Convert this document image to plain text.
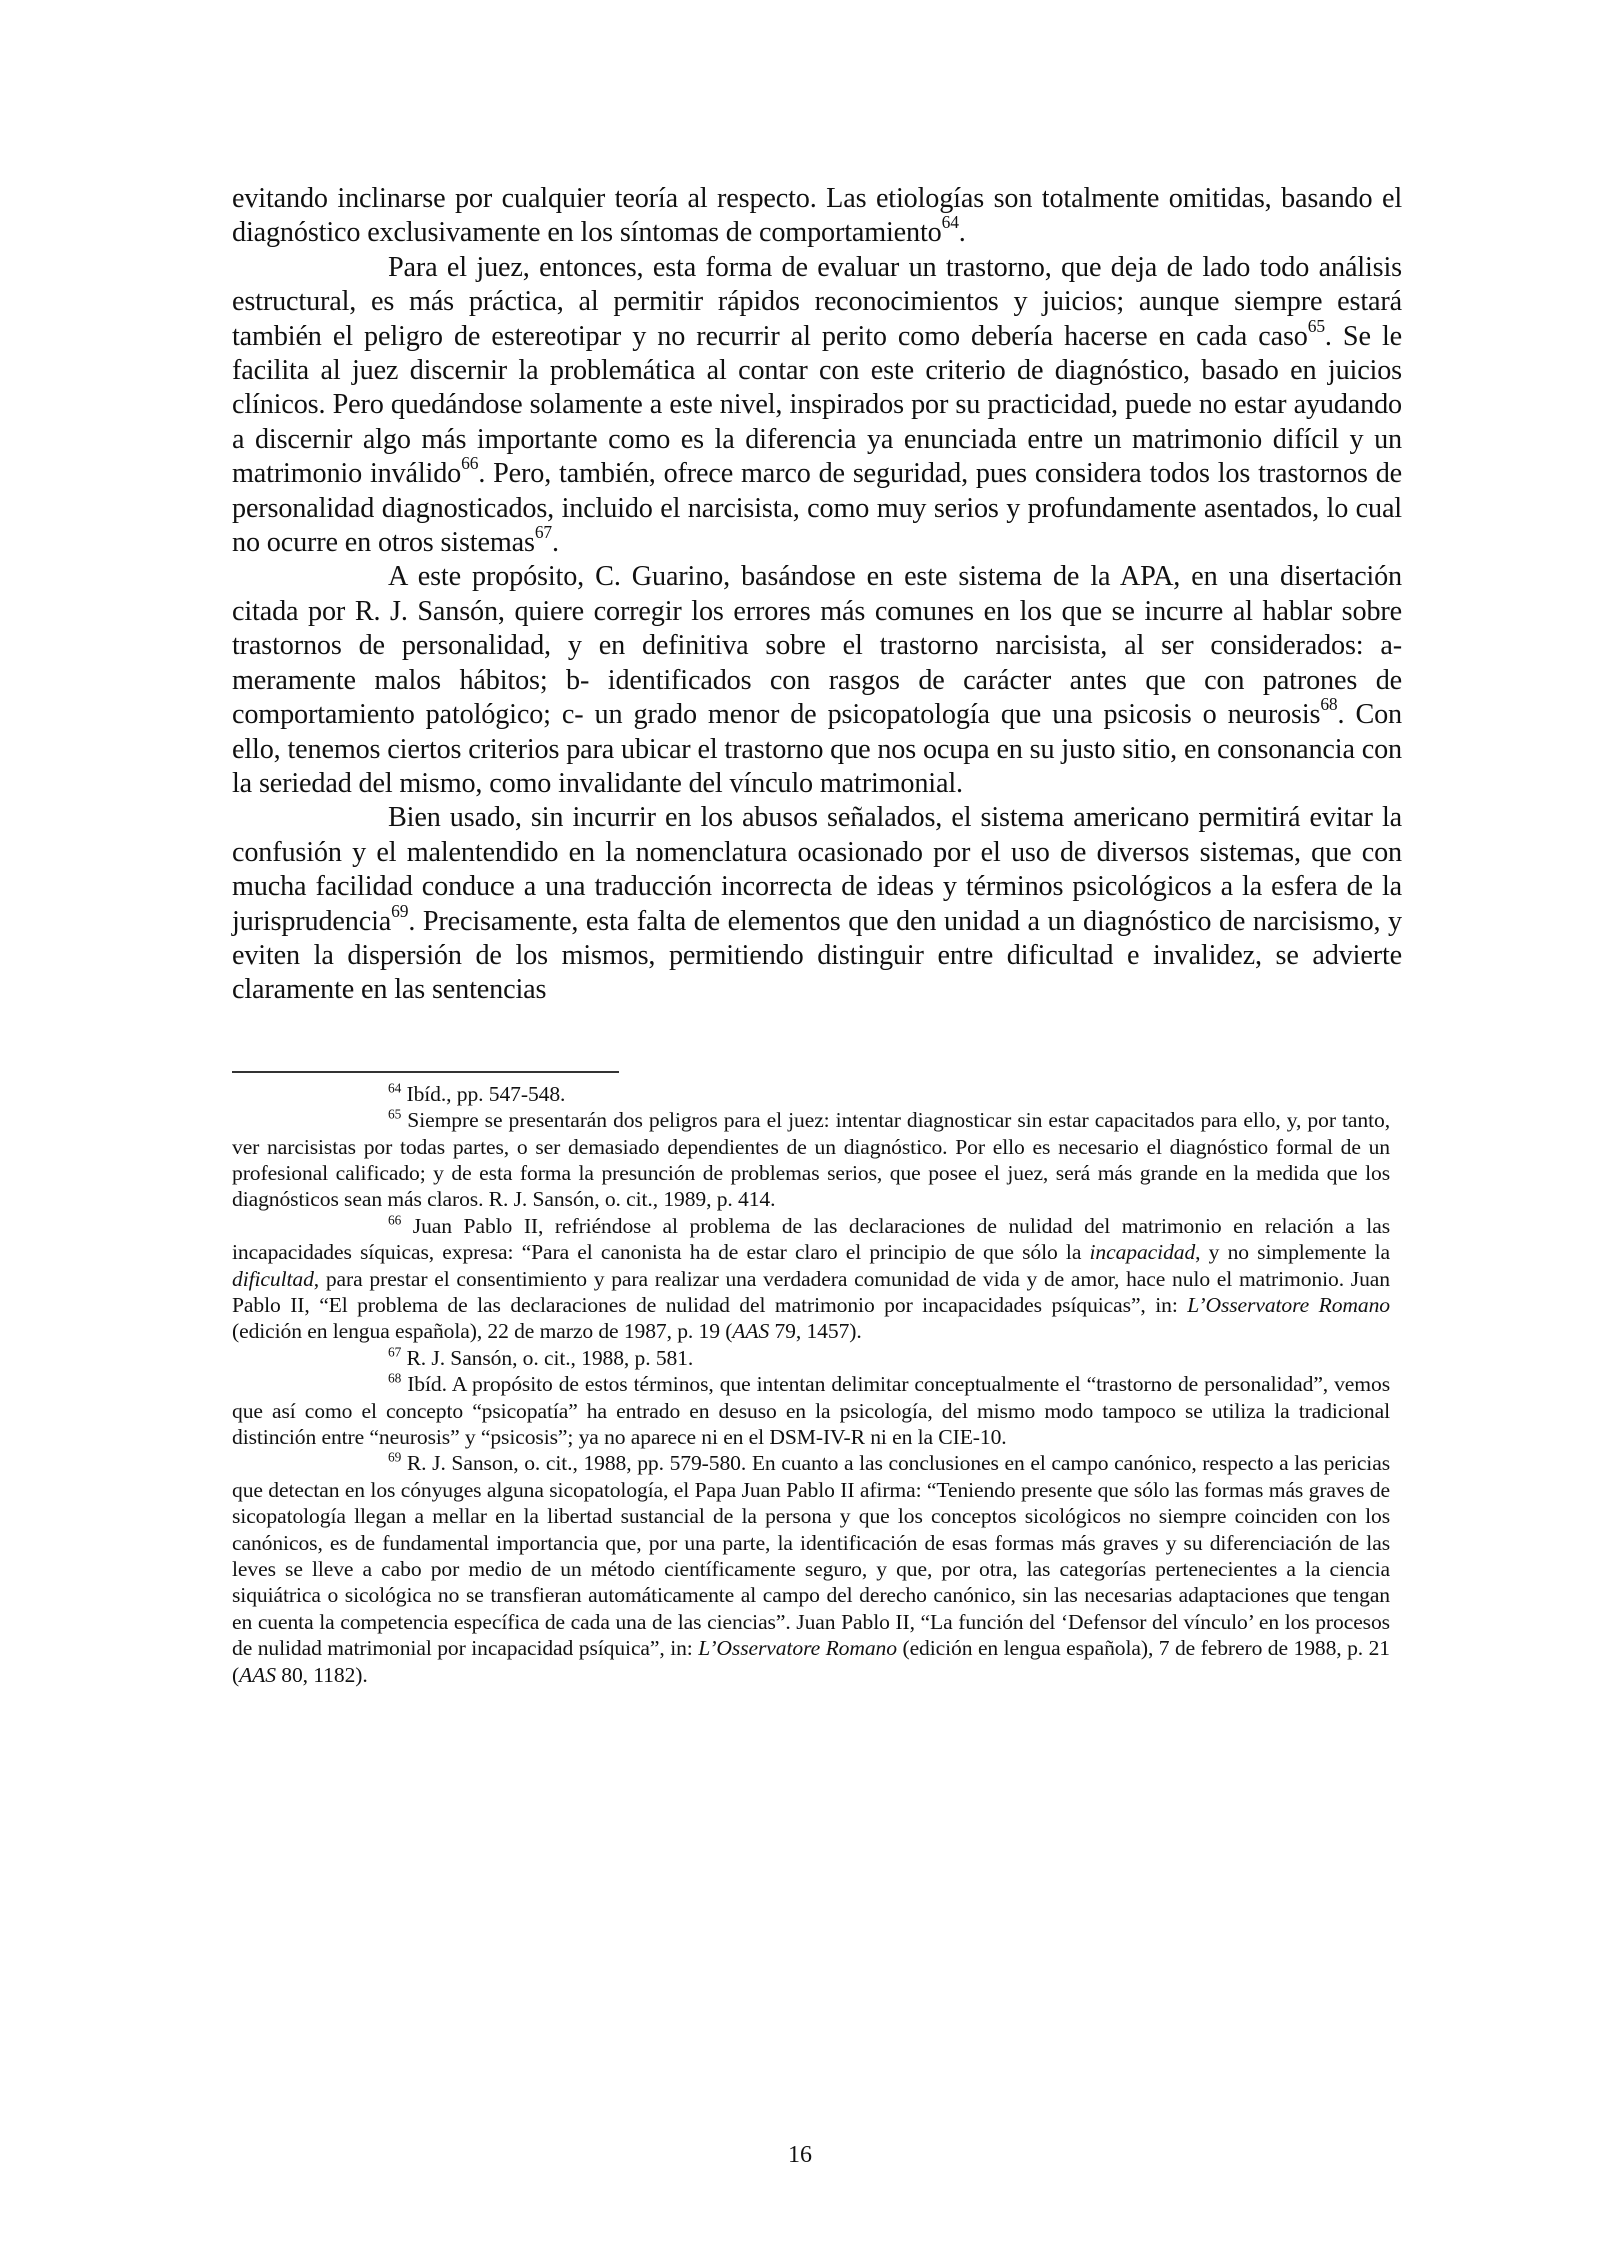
evitando inclinarse por cualquier teoría al respecto. Las etiologías son totalmente omitidas, basando el diagnóstico exclusivamente en los síntomas de comportamiento$^{64}$.

Para el juez, entonces, esta forma de evaluar un trastorno, que deja de lado todo análisis estructural, es más práctica, al permitir rápidos reconocimientos y juicios; aunque siempre estará también el peligro de estereotipar y no recurrir al perito como debería hacerse en cada caso$^{65}$. Se le facilita al juez discernir la problemática al contar con este criterio de diagnóstico, basado en juicios clínicos. Pero quedándose solamente a este nivel, inspirados por su practicidad, puede no estar ayudando a discernir algo más importante como es la diferencia ya enunciada entre un matrimonio difícil y un matrimonio inválido$^{66}$. Pero, también, ofrece marco de seguridad, pues considera todos los trastornos de personalidad diagnosticados, incluido el narcisista, como muy serios y profundamente asentados, lo cual no ocurre en otros sistemas$^{67}$.

A este propósito, C. Guarino, basándose en este sistema de la APA, en una disertación citada por R. J. Sansón, quiere corregir los errores más comunes en los que se incurre al hablar sobre trastornos de personalidad, y en definitiva sobre el trastorno narcisista, al ser considerados: a- meramente malos hábitos; b- identificados con rasgos de carácter antes que con patrones de comportamiento patológico; c- un grado menor de psicopatología que una psicosis o neurosis$^{68}$. Con ello, tenemos ciertos criterios para ubicar el trastorno que nos ocupa en su justo sitio, en consonancia con la seriedad del mismo, como invalidante del vínculo matrimonial.

Bien usado, sin incurrir en los abusos señalados, el sistema americano permitirá evitar la confusión y el malentendido en la nomenclatura ocasionado por el uso de diversos sistemas, que con mucha facilidad conduce a una traducción incorrecta de ideas y términos psicológicos a la esfera de la jurisprudencia$^{69}$. Precisamente, esta falta de elementos que den unidad a un diagnóstico de narcisismo, y eviten la dispersión de los mismos, permitiendo distinguir entre dificultad e invalidez, se advierte claramente en las sentencias

$^{64}$ Ibíd., pp. 547-548.

$^{65}$ Siempre se presentarán dos peligros para el juez: intentar diagnosticar sin estar capacitados para ello, y, por tanto, ver narcisistas por todas partes, o ser demasiado dependientes de un diagnóstico. Por ello es necesario el diagnóstico formal de un profesional calificado; y de esta forma la presunción de problemas serios, que posee el juez, será más grande en la medida que los diagnósticos sean más claros. R. J. Sansón, o. cit., 1989, p. 414.

$^{66}$ Juan Pablo II, refriéndose al problema de las declaraciones de nulidad del matrimonio en relación a las incapacidades síquicas, expresa: “Para el canonista ha de estar claro el principio de que sólo la incapacidad, y no simplemente la dificultad, para prestar el consentimiento y para realizar una verdadera comunidad de vida y de amor, hace nulo el matrimonio. Juan Pablo II, “El problema de las declaraciones de nulidad del matrimonio por incapacidades psíquicas”, in: L’Osservatore Romano (edición en lengua española), 22 de marzo de 1987, p. 19 (AAS 79, 1457).

$^{67}$ R. J. Sansón, o. cit., 1988, p. 581.

$^{68}$ Ibíd. A propósito de estos términos, que intentan delimitar conceptualmente el “trastorno de personalidad”, vemos que así como el concepto “psicopatía” ha entrado en desuso en la psicología, del mismo modo tampoco se utiliza la tradicional distinción entre “neurosis” y “psicosis”; ya no aparece ni en el DSM-IV-R ni en la CIE-10.

$^{69}$ R. J. Sanson, o. cit., 1988, pp. 579-580. En cuanto a las conclusiones en el campo canónico, respecto a las pericias que detectan en los cónyuges alguna sicopatología, el Papa Juan Pablo II afirma: “Teniendo presente que sólo las formas más graves de sicopatología llegan a mellar en la libertad sustancial de la persona y que los conceptos sicológicos no siempre coinciden con los canónicos, es de fundamental importancia que, por una parte, la identificación de esas formas más graves y su diferenciación de las leves se lleve a cabo por medio de un método científicamente seguro, y que, por otra, las categorías pertenecientes a la ciencia siquiátrica o sicológica no se transfieran automáticamente al campo del derecho canónico, sin las necesarias adaptaciones que tengan en cuenta la competencia específica de cada una de las ciencias”. Juan Pablo II, “La función del ‘Defensor del vínculo’ en los procesos de nulidad matrimonial por incapacidad psíquica”, in: L’Osservatore Romano (edición en lengua española), 7 de febrero de 1988, p. 21 (AAS 80, 1182).

16
